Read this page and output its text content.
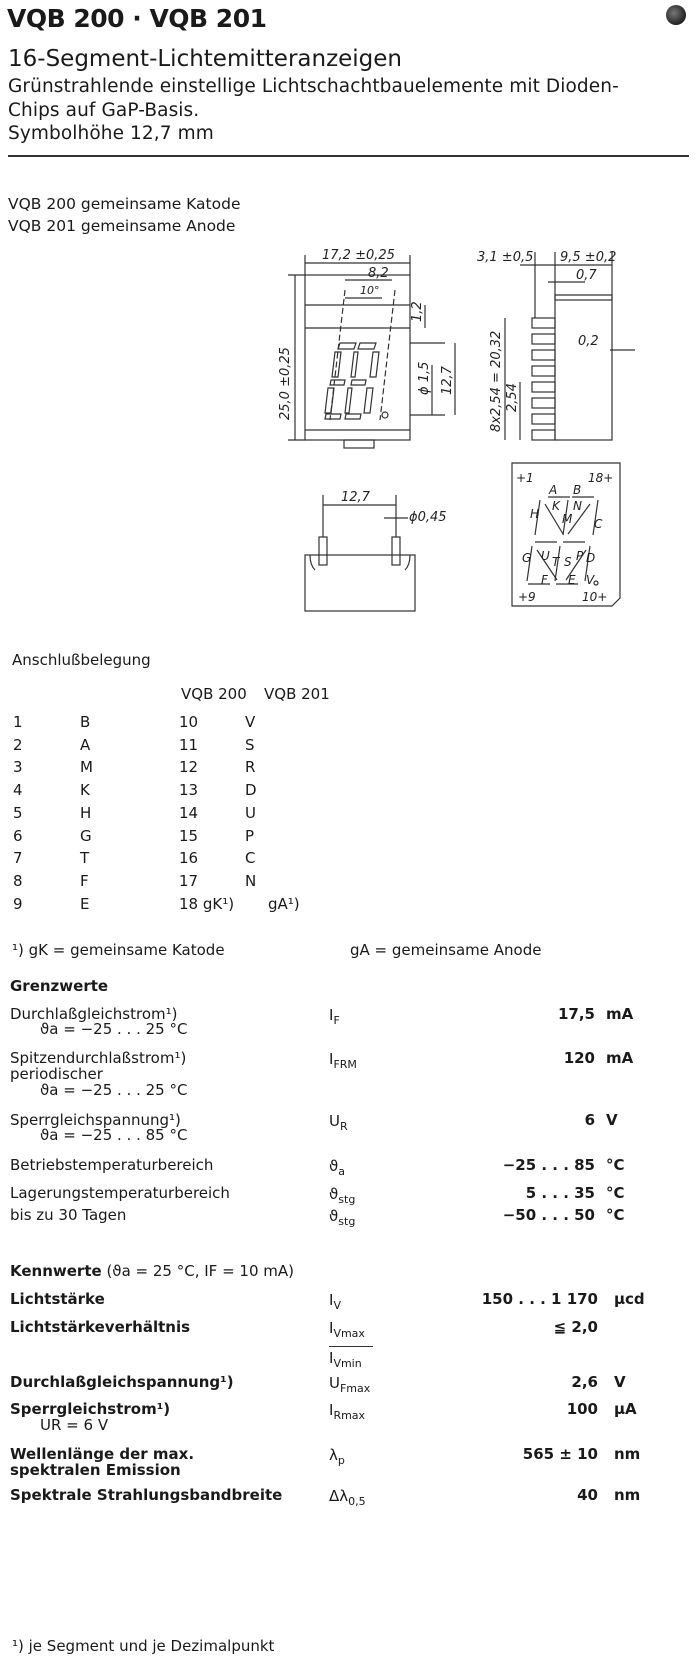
VQB 200 · VQB 201
16-Segment-Lichtemitteranzeigen
Grünstrahlende einstellige Lichtschachtbauelemente mit Dioden-
Chips auf GaP-Basis.
Symbolhöhe 12,7 mm
VQB 200 gemeinsame Katode
VQB 201 gemeinsame Anode
17,2 ±0,25
8,2
10°
1,2
25,0 ±0,25	ϕ 1,5 12,7
3,1 ±0,5 9,5 ±0,2
0,7
0,2
8x2,54 = 20,32 2,54
12,7
ϕ0,45
+1	18+
A B
H
K
M
N
C
U T S P
G	D
F E V
+9	10+
Anschlußbelegung
VQB 200 VQB 201
¹) gK = gemeinsame Katode	gA = gemeinsame Anode
Grenzwerte
Kennwerte (ϑa = 25 °C, IF = 10 mA)
¹) je Segment und je Dezimalpunkt
1	B	10	V
2	A	11	S
3	M	12	R
4	K	13	D
5	H	14	U
6	G	15	P
7	T	16	C
8	F	17	N
9	E	18 gK¹) gA¹)
Durchlaßgleichstrom¹)
ϑa = −25 . . . 25 °C
$I_F$	17,5 mA
Spitzendurchlaßstrom¹)
periodischer
ϑa = −25 . . . 25 °C
$I_{FRM}$	120 mA
Sperrgleichspannung¹)
ϑa = −25 . . . 85 °C
$U_R$	6 V
Betriebstemperaturbereich	$ϑ_a$	−25 . . . 85 °C
Lagerungstemperaturbereich	$ϑ_{stg}$	5 . . . 35 °C
bis zu 30 Tagen	$ϑ_{stg}$	−50 . . . 50 °C
Lichtstärke	$I_V$	150 . . . 1 170 µcd
Lichtstärkeverhältnis	$I_{Vmax}$
$I_{Vmin}$
≦ 2,0
Durchlaßgleichspannung¹)	$U_{Fmax}$	2,6 V
Sperrgleichstrom¹)
UR = 6 V
$I_{Rmax}$	100 µA
Wellenlänge der max.
spektralen Emission
$\lambda_p$	565 ± 10 nm
Spektrale Strahlungsbandbreite	$\Delta\lambda_{0,5}$	40 nm
